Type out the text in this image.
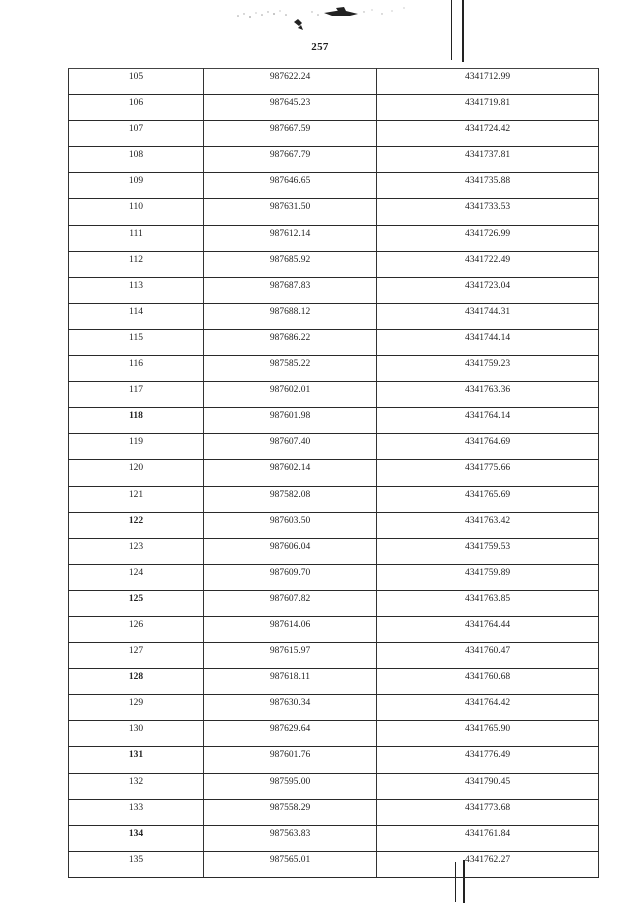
257
105	987622.24	4341712.99
106	987645.23	4341719.81
107	987667.59	4341724.42
108	987667.79	4341737.81
109	987646.65	4341735.88
110	987631.50	4341733.53
111	987612.14	4341726.99
112	987685.92	4341722.49
113	987687.83	4341723.04
114	987688.12	4341744.31
115	987686.22	4341744.14
116	987585.22	4341759.23
117	987602.01	4341763.36
118	987601.98	4341764.14
119	987607.40	4341764.69
120	987602.14	4341775.66
121	987582.08	4341765.69
122	987603.50	4341763.42
123	987606.04	4341759.53
124	987609.70	4341759.89
125	987607.82	4341763.85
126	987614.06	4341764.44
127	987615.97	4341760.47
128	987618.11	4341760.68
129	987630.34	4341764.42
130	987629.64	4341765.90
131	987601.76	4341776.49
132	987595.00	4341790.45
133	987558.29	4341773.68
134	987563.83	4341761.84
135	987565.01	4341762.27
